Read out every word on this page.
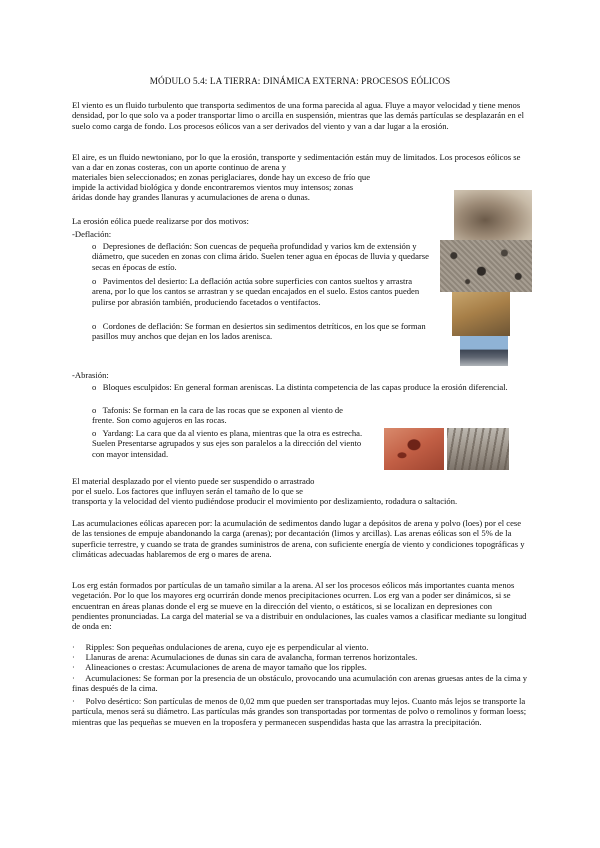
MÓDULO 5.4: LA TIERRA: DINÁMICA EXTERNA: PROCESOS EÓLICOS

El viento es un fluido turbulento que transporta sedimentos de una forma parecida al agua. Fluye a mayor velocidad y tiene menos densidad, por lo que solo va a poder transportar limo o arcilla en suspensión, mientras que las demás partículas se desplazarán en el suelo como carga de fondo. Los procesos eólicos van a ser derivados del viento y van a dar lugar a la erosión.

El aire, es un fluido newtoniano, por lo que la erosión, transporte y sedimentación están muy de limitados. Los procesos eólicos se van a dar en zonas costeras, con un aporte continuo de arena y

materiales bien seleccionados; en zonas periglaciares, donde hay un exceso de frío que

impide la actividad biológica y donde encontraremos vientos muy intensos; zonas

áridas donde hay grandes llanuras y acumulaciones de arena o dunas.

La erosión eólica puede realizarse por dos motivos:

-Deflación:

o Depresiones de deflación: Son cuencas de pequeña profundidad y varios km de extensión y diámetro, que suceden en zonas con clima árido. Suelen tener agua en épocas de lluvia y quedarse secas en épocas de estío.
o Pavimentos del desierto: La deflación actúa sobre superficies con cantos sueltos y arrastra arena, por lo que los cantos se arrastran y se quedan encajados en el suelo. Estos cantos pueden pulirse por abrasión también, produciendo facetados o ventifactos.
o Cordones de deflación: Se forman en desiertos sin sedimentos detríticos, en los que se forman pasillos muy anchos que dejan en los lados arenisca.

-Abrasión:

o Bloques esculpidos: En general forman areniscas. La distinta competencia de las capas produce la erosión diferencial.
o Tafonis: Se forman en la cara de las rocas que se exponen al viento de frente. Son como agujeros en las rocas.
o Yardang: La cara que da al viento es plana, mientras que la otra es estrecha. Suelen Presentarse agrupados y sus ejes son paralelos a la dirección del viento con mayor intensidad.

El material desplazado por el viento puede ser suspendido o arrastrado

por el suelo. Los factores que influyen serán el tamaño de lo que se

transporta y la velocidad del viento pudiéndose producir el movimiento por deslizamiento, rodadura o saltación.

Las acumulaciones eólicas aparecen por: la acumulación de sedimentos dando lugar a depósitos de arena y polvo (loes) por el cese de las tensiones de empuje abandonando la carga (arenas); por decantación (limos y arcillas). Las arenas eólicas son el 5% de la superficie terrestre, y cuando se trata de grandes suministros de arena, con suficiente energía de viento y condiciones topográficas y climáticas adecuadas hablaremos de erg o mares de arena.

Los erg están formados por partículas de un tamaño similar a la arena. Al ser los procesos eólicos más importantes cuanta menos vegetación. Por lo que los mayores erg ocurrirán donde menos precipitaciones ocurren. Los erg van a poder ser dinámicos, si se encuentran en áreas planas donde el erg se mueve en la dirección del viento, o estáticos, si se localizan en depresiones con pendientes pronunciadas. La carga del material se va a distribuir en ondulaciones, las cuales vamos a clasificar mediante su longitud de onda en:

· Ripples: Son pequeñas ondulaciones de arena, cuyo eje es perpendicular al viento.
· Llanuras de arena: Acumulaciones de dunas sin cara de avalancha, forman terrenos horizontales.
· Alineaciones o crestas: Acumulaciones de arena de mayor tamaño que los ripples.
· Acumulaciones: Se forman por la presencia de un obstáculo, provocando una acumulación con arenas gruesas antes de la cima y finas después de la cima.
· Polvo desértico: Son partículas de menos de 0,02 mm que pueden ser transportadas muy lejos. Cuanto más lejos se transporte la partícula, menos será su diámetro. Las partículas más grandes son transportadas por tormentas de polvo o remolinos y forman loess; mientras que las pequeñas se mueven en la troposfera y permanecen suspendidas hasta que las arrastra la precipitación.
